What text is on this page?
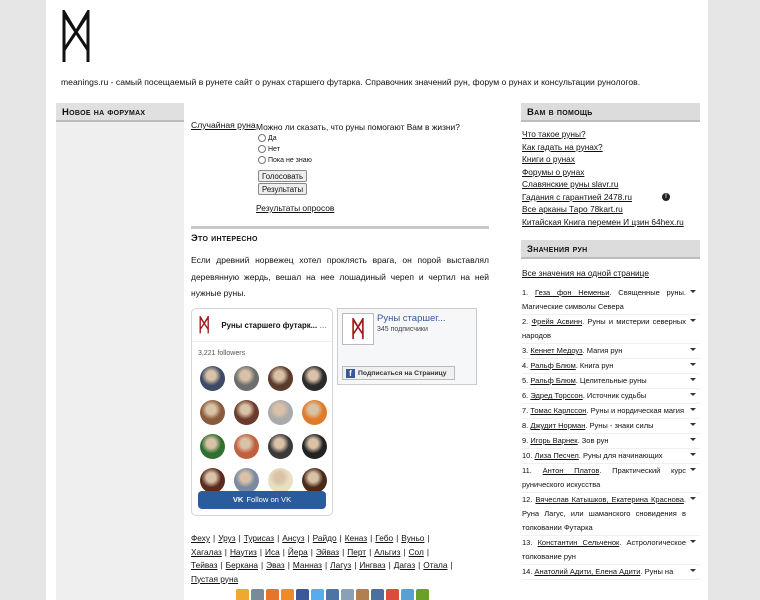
meanings.ru - самый посещаемый в рунете сайт о рунах старшего футарка. Справочник значений рун, форум о рунах и консультации рунологов.
Новое на форумах
Случайная руна Можно ли сказать, что руны помогают Вам в жизни?
Да
Нет
Пока не знаю
Голосовать
Результаты
Результаты опросов
Это интересно
Если древний норвежец хотел проклясть врага, он порой выставлял деревянную жердь, вешал на нее лошадиный череп и чертил на ней нужные руны.
Руны старшего футарк... ...
3,221 followers
VK Follow on VK
Руны старшег...
345 подписчики
f Подписаться на Страницу
Феху | Уруз | Турисаз | Ансуз | Райдо | Кеназ | Гебо | Вуньо |
Хагалаз | Наутиз | Иса | Йера | Эйваз | Перт | Альгиз | Сол |
Тейваз | Беркана | Эваз | Манназ | Лагуз | Ингваз | Дагаз | Отала |
Пустая руна
Вам в помощь
Что такое руны?
Как гадать на рунах?
Книги о рунах
Форумы о рунах
Славянские руны slavr.ru
Гадания с гарантией 2478.ru	!
Все арканы Таро 78kart.ru
Китайская Книга перемен И цзин 64hex.ru
Значения рун
Все значения на одной странице
1. Геза фон Неменьи. Священные руны. Магические символы Севера
2. Фрейя Асвинн. Руны и мистерии северных народов
3. Кеннет Медоуз. Магия рун
4. Ральф Блюм. Книга рун
5. Ральф Блюм. Целительные руны
6. Эдред Торссон. Источник судьбы
7. Томас Карлссон. Руны и нордическая магия
8. Джудит Норман. Руны - знаки силы
9. Игорь Варнек. Зов рун
10. Лиза Песчел. Руны для начинающих
11. Антон Платов. Практический курс рунического искусства
12. Вячеслав Катышков, Екатерина Краснова. Руна Лагус, или шаманского сновидения в толковании Футарка
13. Константин Сельченок. Астрологическое толкование рун
14. Анатолий Адити, Елена Адити. Руны на
